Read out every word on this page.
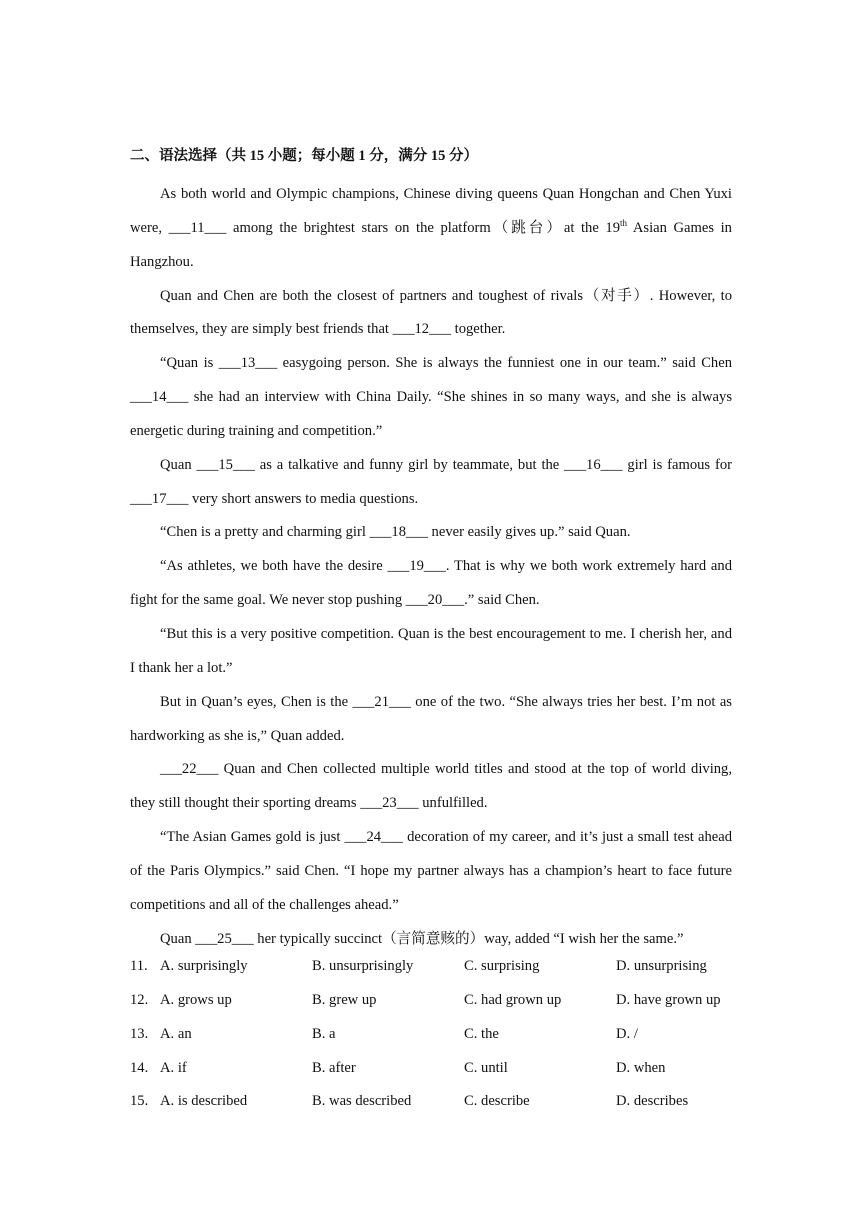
二、语法选择（共 15 小题；每小题 1 分，满分 15 分）

As both world and Olympic champions, Chinese diving queens Quan Hongchan and Chen Yuxi were, ___11___ among the brightest stars on the platform（跳台）at the 19th Asian Games in Hangzhou.

Quan and Chen are both the closest of partners and toughest of rivals（对手）. However, to themselves, they are simply best friends that ___12___ together.

“Quan is ___13___ easygoing person. She is always the funniest one in our team.” said Chen ___14___ she had an interview with China Daily. “She shines in so many ways, and she is always energetic during training and competition.”

Quan ___15___ as a talkative and funny girl by teammate, but the ___16___ girl is famous for ___17___ very short answers to media questions.

“Chen is a pretty and charming girl ___18___ never easily gives up.” said Quan.

“As athletes, we both have the desire ___19___. That is why we both work extremely hard and fight for the same goal. We never stop pushing ___20___.” said Chen.

“But this is a very positive competition. Quan is the best encouragement to me. I cherish her, and I thank her a lot.”

But in Quan’s eyes, Chen is the ___21___ one of the two. “She always tries her best. I’m not as hardworking as she is,” Quan added.

___22___ Quan and Chen collected multiple world titles and stood at the top of world diving, they still thought their sporting dreams ___23___ unfulfilled.

“The Asian Games gold is just ___24___ decoration of my career, and it’s just a small test ahead of the Paris Olympics.” said Chen. “I hope my partner always has a champion’s heart to face future competitions and all of the challenges ahead.”

Quan ___25___ her typically succinct（言简意赅的）way, added “I wish her the same.”

11. A. surprisingly	B. unsurprisingly	C. surprising	D. unsurprising
12. A. grows up	B. grew up	C. had grown up	D. have grown up
13. A. an	B. a	C. the	D. /
14. A. if	B. after	C. until	D. when
15. A. is described	B. was described	C. describe	D. describes
